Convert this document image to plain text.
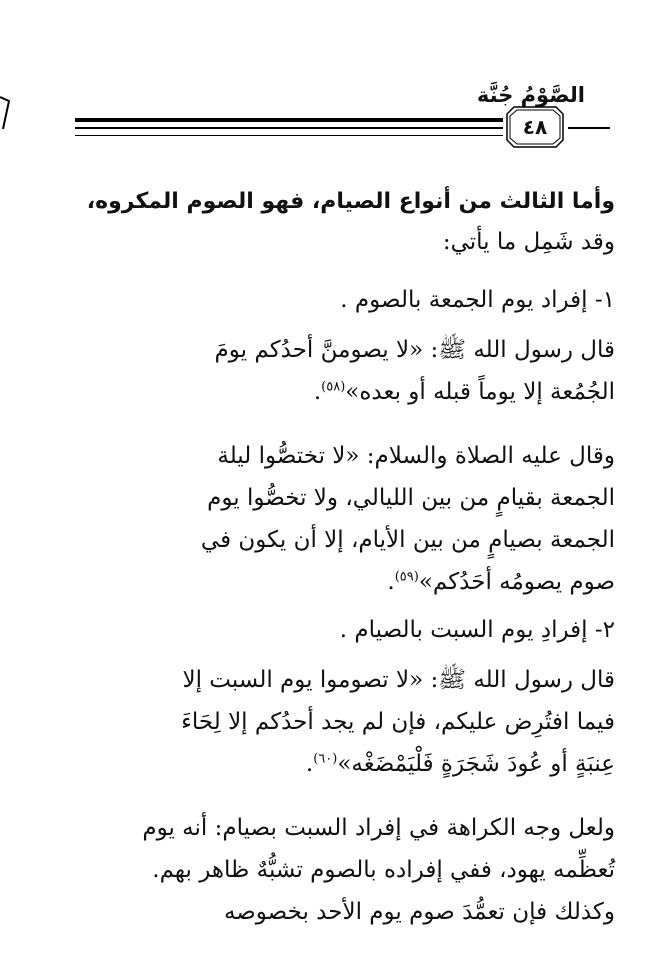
الصَّوْمُ جُنَّة
٤٨
وأما الثالث من أنواع الصيام، فهو الصوم المكروه،
وقد شَمِل ما يأتي:
١- إفراد يوم الجمعة بالصوم .
قال رسول الله ﷺ: «لا يصومنَّ أحدُكم يومَ
الجُمُعة إلا يوماً قبله أو بعده»$^{(٥٨)}$.
وقال عليه الصلاة والسلام: «لا تختصُّوا ليلة
الجمعة بقيامٍ من بين الليالي، ولا تخصُّوا يوم
الجمعة بصيامٍ من بين الأيام، إلا أن يكون في
صوم يصومُه أحَدُكم»$^{(٥٩)}$.
٢- إفرادِ يوم السبت بالصيام .
قال رسول الله ﷺ: «لا تصوموا يوم السبت إلا
فيما افتُرِض عليكم، فإن لم يجد أحدُكم إلا لِحَاءَ
عِنبَةٍ أو عُودَ شَجَرَةٍ فَلْيَمْضَغْه»$^{(٦٠)}$.
ولعل وجه الكراهة في إفراد السبت بصيام: أنه يوم
تُعظِّمه يهود، ففي إفراده بالصوم تشبُّهٌ ظاهر بهم.
وكذلك فإن تعمُّدَ صوم يوم الأحد بخصوصه
